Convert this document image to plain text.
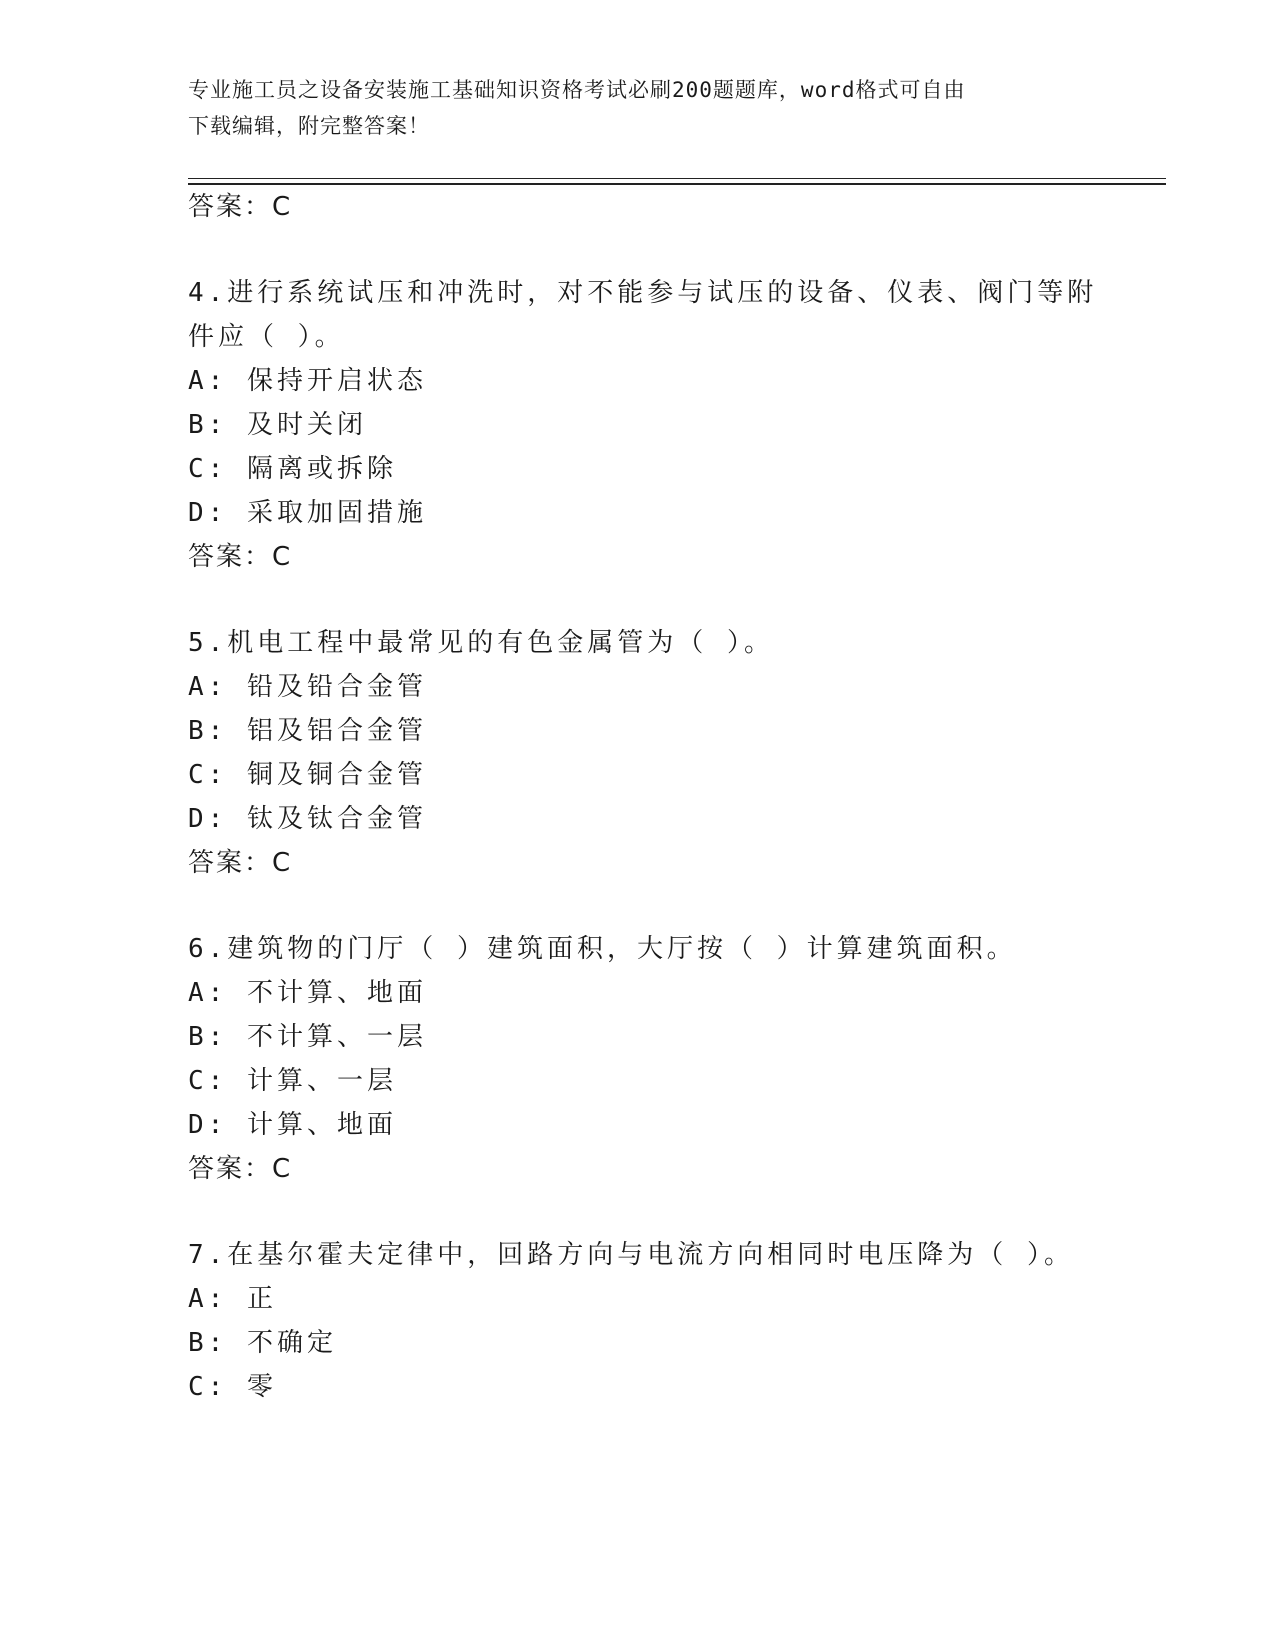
专业施工员之设备安装施工基础知识资格考试必刷200题题库，word格式可自由
下载编辑，附完整答案！
答案：C
4.进行系统试压和冲洗时，对不能参与试压的设备、仪表、阀门等附
件应（ ）。
A: 保持开启状态
B: 及时关闭
C: 隔离或拆除
D: 采取加固措施
答案：C
5.机电工程中最常见的有色金属管为（ ）。
A: 铅及铅合金管
B: 铝及铝合金管
C: 铜及铜合金管
D: 钛及钛合金管
答案：C
6.建筑物的门厅（ ）建筑面积，大厅按（ ）计算建筑面积。
A: 不计算、地面
B: 不计算、一层
C: 计算、一层
D: 计算、地面
答案：C
7.在基尔霍夫定律中，回路方向与电流方向相同时电压降为（ ）。
A: 正
B: 不确定
C: 零
